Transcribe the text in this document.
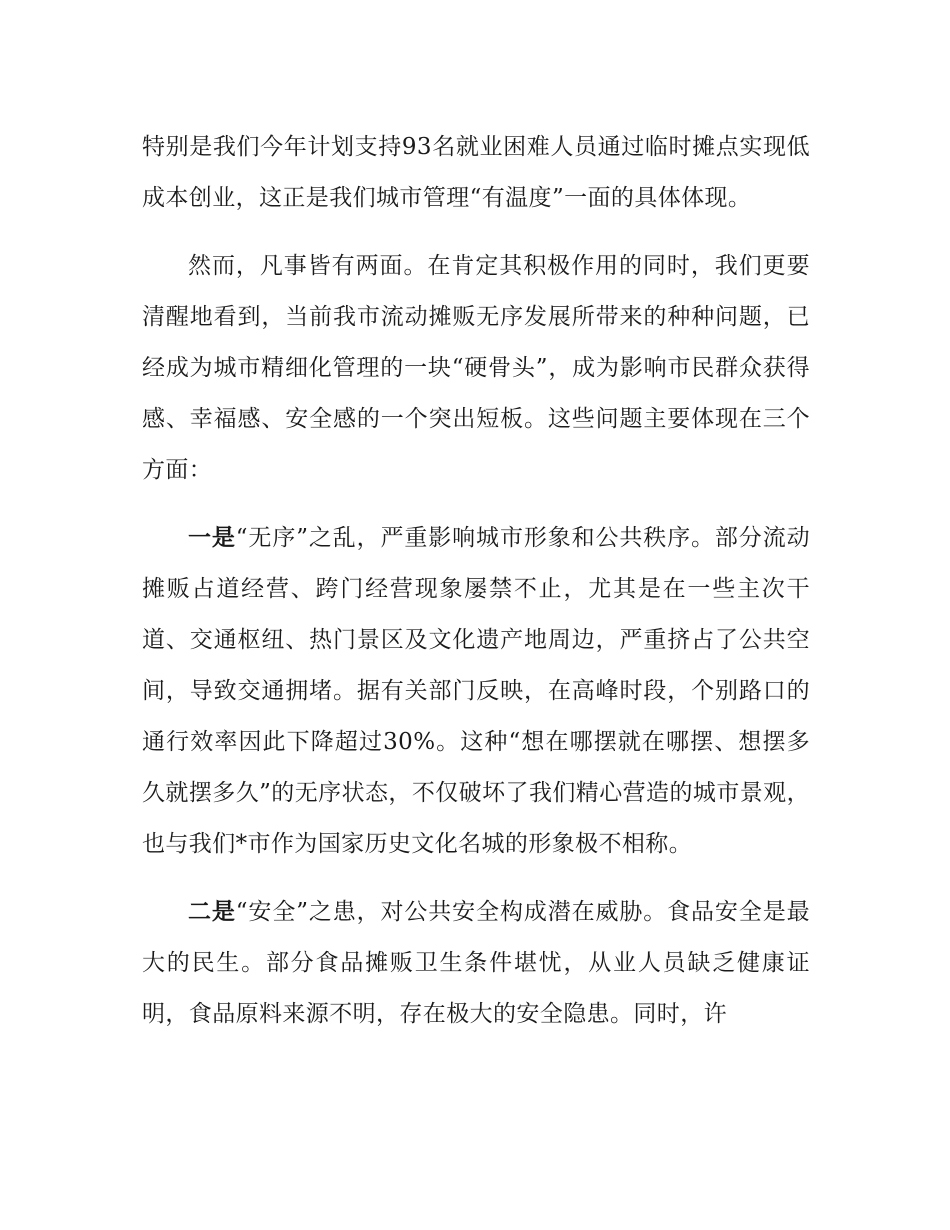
特别是我们今年计划支持93名就业困难人员通过临时摊点实现低成本创业，这正是我们城市管理“有温度”一面的具体体现。

然而，凡事皆有两面。在肯定其积极作用的同时，我们更要清醒地看到，当前我市流动摊贩无序发展所带来的种种问题，已经成为城市精细化管理的一块“硬骨头”，成为影响市民群众获得感、幸福感、安全感的一个突出短板。这些问题主要体现在三个方面：

一是“无序”之乱，严重影响城市形象和公共秩序。部分流动摊贩占道经营、跨门经营现象屡禁不止，尤其是在一些主次干道、交通枢纽、热门景区及文化遗产地周边，严重挤占了公共空间，导致交通拥堵。据有关部门反映，在高峰时段，个别路口的通行效率因此下降超过30%。这种“想在哪摆就在哪摆、想摆多久就摆多久”的无序状态，不仅破坏了我们精心营造的城市景观，也与我们*市作为国家历史文化名城的形象极不相称。

二是“安全”之患，对公共安全构成潜在威胁。食品安全是最大的民生。部分食品摊贩卫生条件堪忧，从业人员缺乏健康证明，食品原料来源不明，存在极大的安全隐患。同时，许
